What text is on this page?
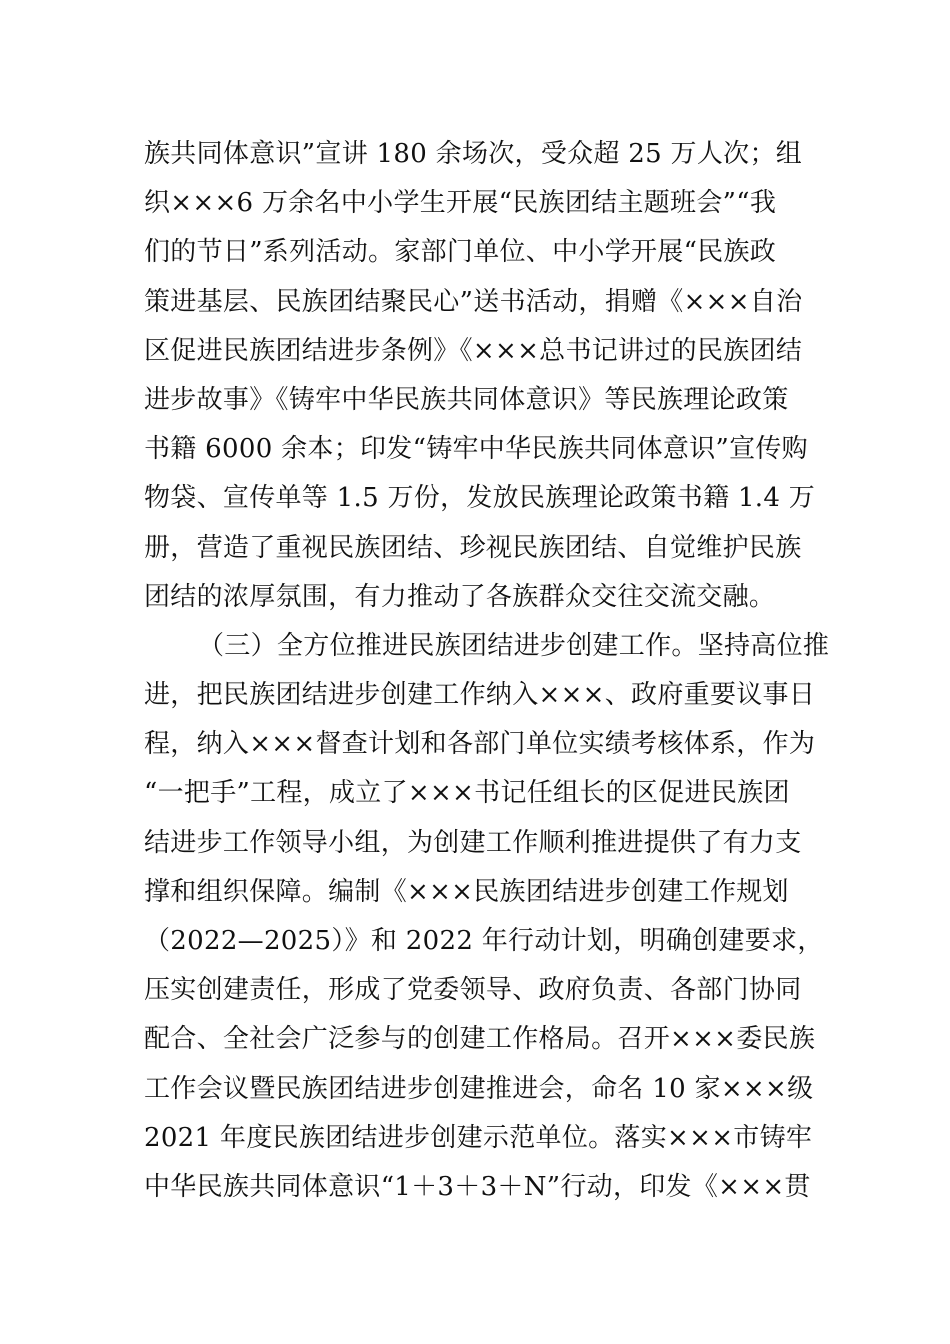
族共同体意识”宣讲 180 余场次，受众超 25 万人次；组
织×××6 万余名中小学生开展“民族团结主题班会”“我
们的节日”系列活动。家部门单位、中小学开展“民族政
策进基层、民族团结聚民心”送书活动，捐赠《×××自治
区促进民族团结进步条例》《×××总书记讲过的民族团结
进步故事》《铸牢中华民族共同体意识》等民族理论政策
书籍 6000 余本；印发“铸牢中华民族共同体意识”宣传购
物袋、宣传单等 1.5 万份，发放民族理论政策书籍 1.4 万
册，营造了重视民族团结、珍视民族团结、自觉维护民族
团结的浓厚氛围，有力推动了各族群众交往交流交融。
（三）全方位推进民族团结进步创建工作。坚持高位推
进，把民族团结进步创建工作纳入×××、政府重要议事日
程，纳入×××督查计划和各部门单位实绩考核体系，作为
“一把手”工程，成立了×××书记任组长的区促进民族团
结进步工作领导小组，为创建工作顺利推进提供了有力支
撑和组织保障。编制《×××民族团结进步创建工作规划
（2022—2025）》和 2022 年行动计划，明确创建要求，
压实创建责任，形成了党委领导、政府负责、各部门协同
配合、全社会广泛参与的创建工作格局。召开×××委民族
工作会议暨民族团结进步创建推进会，命名 10 家×××级
2021 年度民族团结进步创建示范单位。落实×××市铸牢
中华民族共同体意识“1＋3＋3＋N”行动，印发《×××贯
